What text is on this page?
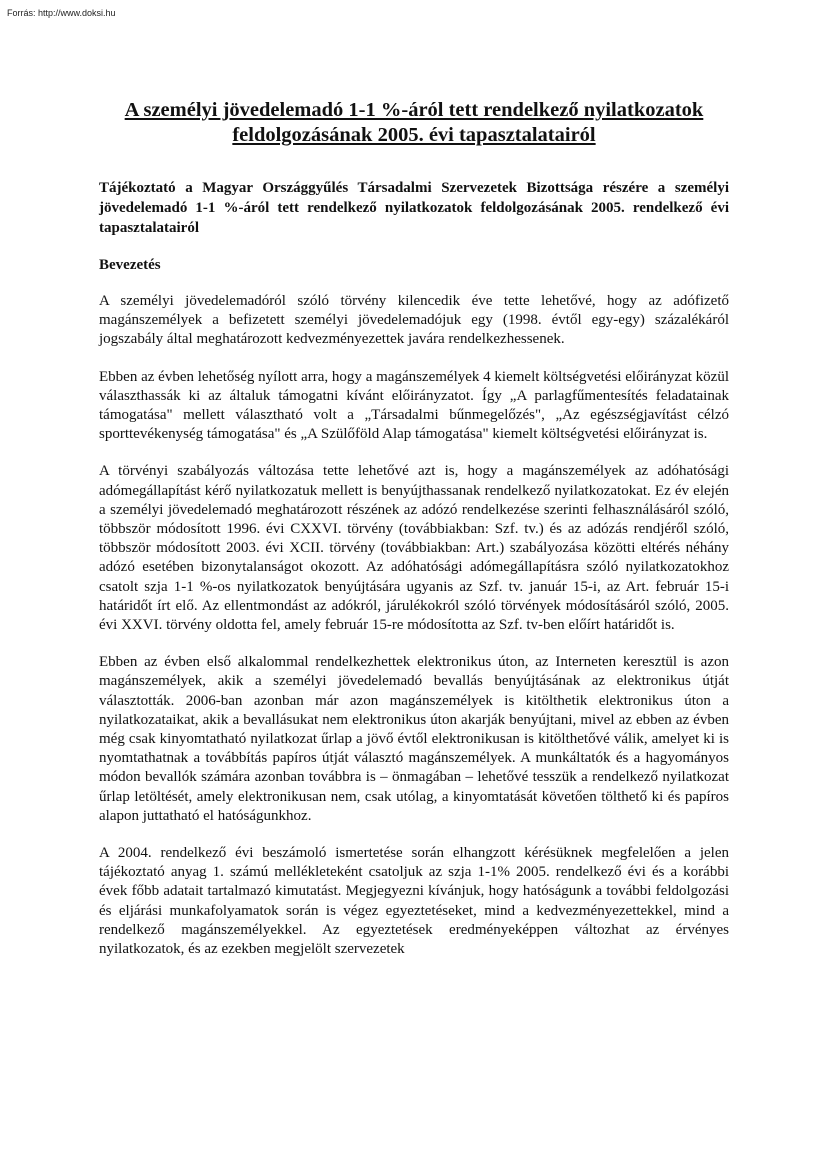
Forrás: http://www.doksi.hu
A személyi jövedelemadó 1-1 %-áról tett rendelkező nyilatkozatok feldolgozásának 2005. évi tapasztalatairól

Tájékoztató a Magyar Országgyűlés Társadalmi Szervezetek Bizottsága részére a személyi jövedelemadó 1-1 %-áról tett rendelkező nyilatkozatok feldolgozásának 2005. rendelkező évi tapasztalatairól

Bevezetés

A személyi jövedelemadóról szóló törvény kilencedik éve tette lehetővé, hogy az adófizető magánszemélyek a befizetett személyi jövedelemadójuk egy (1998. évtől egy-egy) százalékáról jogszabály által meghatározott kedvezményezettek javára rendelkezhessenek.

Ebben az évben lehetőség nyílott arra, hogy a magánszemélyek 4 kiemelt költségvetési előirányzat közül választhassák ki az általuk támogatni kívánt előirányzatot. Így „A parlagfűmentesítés feladatainak támogatása" mellett választható volt a „Társadalmi bűnmegelőzés", „Az egészségjavítást célzó sporttevékenység támogatása" és „A Szülőföld Alap támogatása" kiemelt költségvetési előirányzat is.

A törvényi szabályozás változása tette lehetővé azt is, hogy a magánszemélyek az adóhatósági adómegállapítást kérő nyilatkozatuk mellett is benyújthassanak rendelkező nyilatkozatokat. Ez év elején a személyi jövedelemadó meghatározott részének az adózó rendelkezése szerinti felhasználásáról szóló, többször módosított 1996. évi CXXVI. törvény (továbbiakban: Szf. tv.) és az adózás rendjéről szóló, többször módosított 2003. évi XCII. törvény (továbbiakban: Art.) szabályozása közötti eltérés néhány adózó esetében bizonytalanságot okozott. Az adóhatósági adómegállapításra szóló nyilatkozatokhoz csatolt szja 1-1 %-os nyilatkozatok benyújtására ugyanis az Szf. tv. január 15-i, az Art. február 15-i határidőt írt elő. Az ellentmondást az adókról, járulékokról szóló törvények módosításáról szóló, 2005. évi XXVI. törvény oldotta fel, amely február 15-re módosította az Szf. tv-ben előírt határidőt is.

Ebben az évben első alkalommal rendelkezhettek elektronikus úton, az Interneten keresztül is azon magánszemélyek, akik a személyi jövedelemadó bevallás benyújtásának az elektronikus útját választották. 2006-ban azonban már azon magánszemélyek is kitölthetik elektronikus úton a nyilatkozataikat, akik a bevallásukat nem elektronikus úton akarják benyújtani, mivel az ebben az évben még csak kinyomtatható nyilatkozat űrlap a jövő évtől elektronikusan is kitölthetővé válik, amelyet ki is nyomtathatnak a továbbítás papíros útját választó magánszemélyek. A munkáltatók és a hagyományos módon bevallók számára azonban továbbra is – önmagában – lehetővé tesszük a rendelkező nyilatkozat űrlap letöltését, amely elektronikusan nem, csak utólag, a kinyomtatását követően tölthető ki és papíros alapon juttatható el hatóságunkhoz.

A 2004. rendelkező évi beszámoló ismertetése során elhangzott kérésüknek megfelelően a jelen tájékoztató anyag 1. számú mellékleteként csatoljuk az szja 1-1% 2005. rendelkező évi és a korábbi évek főbb adatait tartalmazó kimutatást. Megjegyezni kívánjuk, hogy hatóságunk a további feldolgozási és eljárási munkafolyamatok során is végez egyeztetéseket, mind a kedvezményezettekkel, mind a rendelkező magánszemélyekkel. Az egyeztetések eredményeképpen változhat az érvényes nyilatkozatok, és az ezekben megjelölt szervezetek
